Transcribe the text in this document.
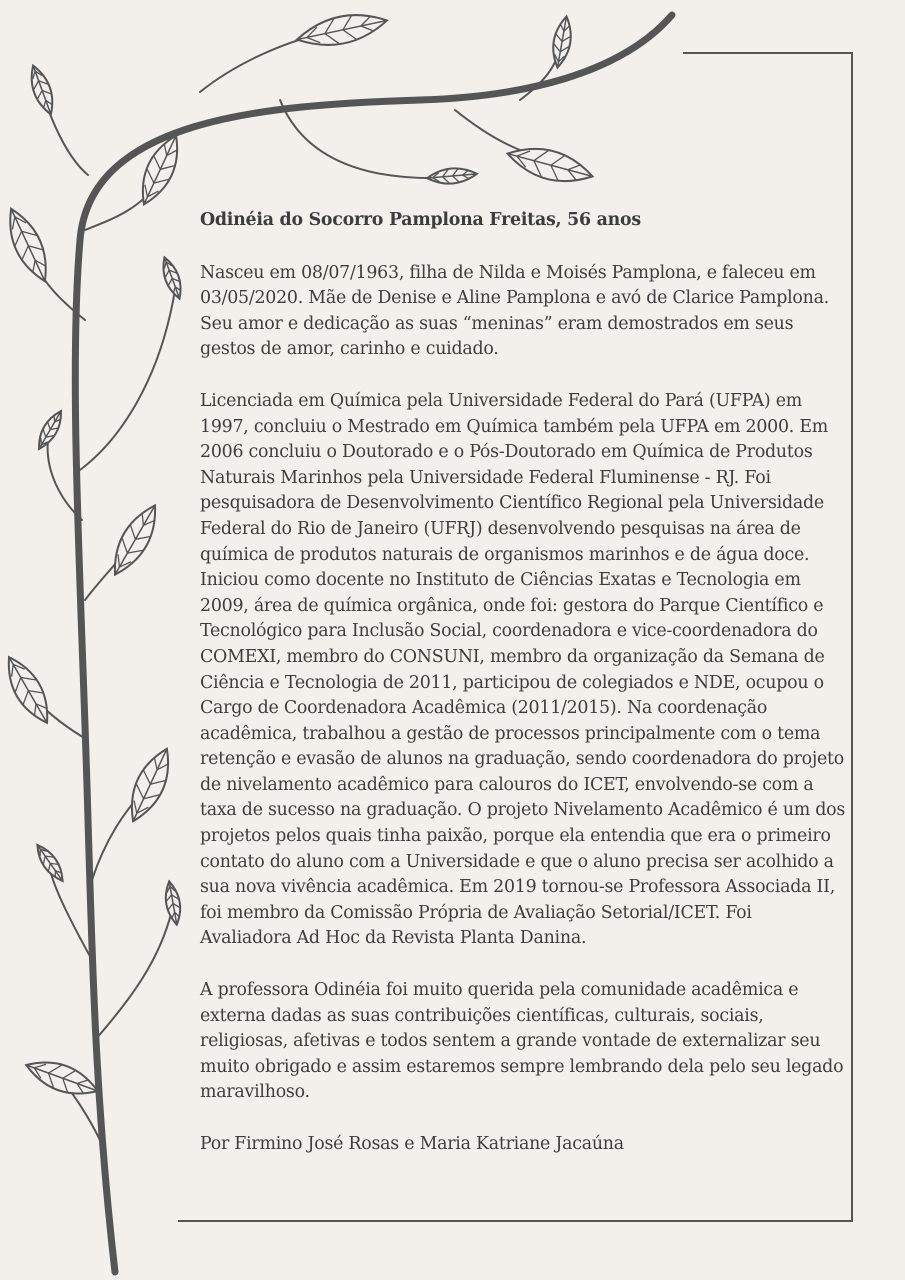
Odinéia do Socorro Pamplona Freitas, 56 anos

Nasceu em 08/07/1963, filha de Nilda e Moisés Pamplona, e faleceu em 03/05/2020. Mãe de Denise e Aline Pamplona e avó de Clarice Pamplona. Seu amor e dedicação as suas “meninas” eram demostrados em seus gestos de amor, carinho e cuidado.

Licenciada em Química pela Universidade Federal do Pará (UFPA) em 1997, concluiu o Mestrado em Química também pela UFPA em 2000. Em 2006 concluiu o Doutorado e o Pós-Doutorado em Química de Produtos Naturais Marinhos pela Universidade Federal Fluminense - RJ. Foi pesquisadora de Desenvolvimento Científico Regional pela Universidade Federal do Rio de Janeiro (UFRJ) desenvolvendo pesquisas na área de química de produtos naturais de organismos marinhos e de água doce. Iniciou como docente no Instituto de Ciências Exatas e Tecnologia em 2009, área de química orgânica, onde foi: gestora do Parque Científico e Tecnológico para Inclusão Social, coordenadora e vice-coordenadora do COMEXI, membro do CONSUNI, membro da organização da Semana de Ciência e Tecnologia de 2011, participou de colegiados e NDE, ocupou o Cargo de Coordenadora Acadêmica (2011/2015). Na coordenação acadêmica, trabalhou a gestão de processos principalmente com o tema retenção e evasão de alunos na graduação, sendo coordenadora do projeto de nivelamento acadêmico para calouros do ICET, envolvendo-se com a taxa de sucesso na graduação. O projeto Nivelamento Acadêmico é um dos projetos pelos quais tinha paixão, porque ela entendia que era o primeiro contato do aluno com a Universidade e que o aluno precisa ser acolhido a sua nova vivência acadêmica. Em 2019 tornou-se Professora Associada II, foi membro da Comissão Própria de Avaliação Setorial/ICET. Foi Avaliadora Ad Hoc da Revista Planta Danina.

A professora Odinéia foi muito querida pela comunidade acadêmica e externa dadas as suas contribuições científicas, culturais, sociais, religiosas, afetivas e todos sentem a grande vontade de externalizar seu muito obrigado e assim estaremos sempre lembrando dela pelo seu legado maravilhoso.

Por Firmino José Rosas e Maria Katriane Jacaúna
